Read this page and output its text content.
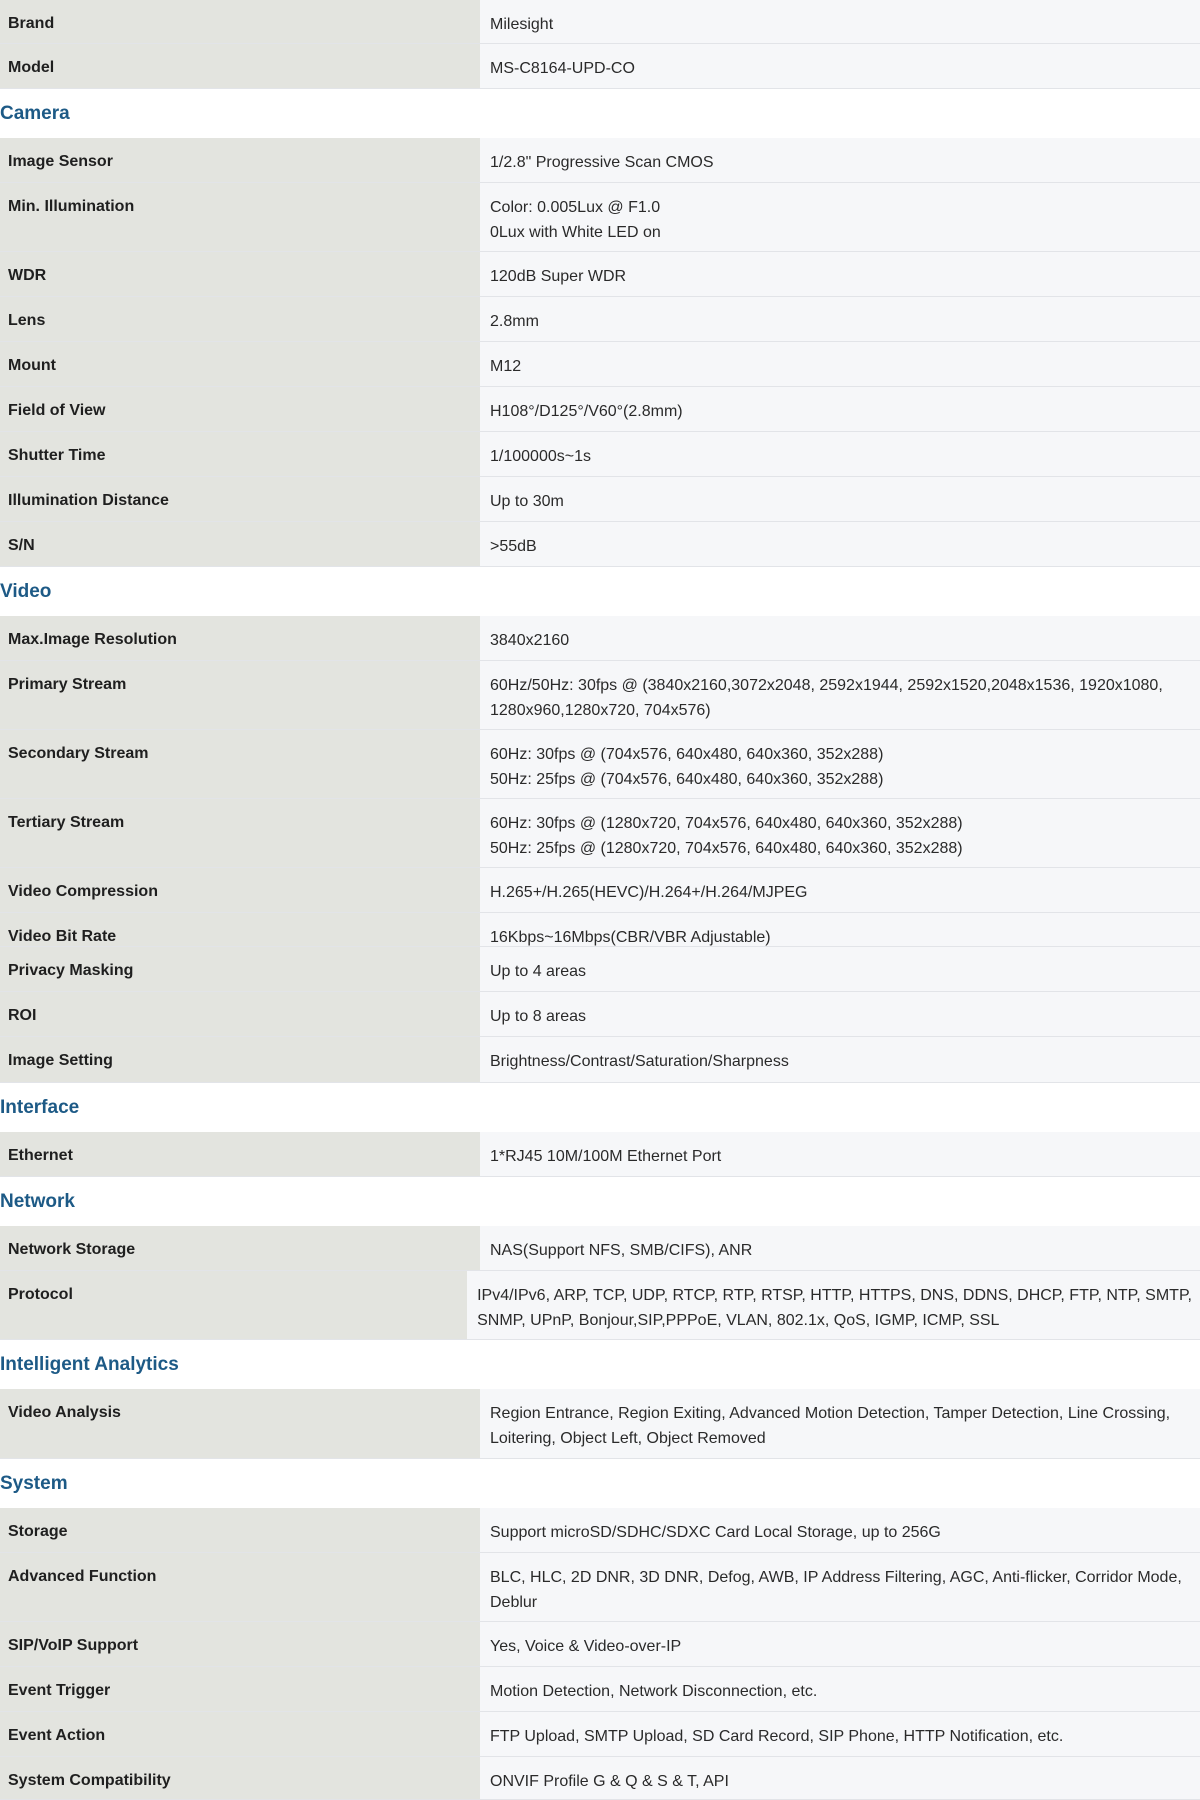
Brand	Milesight
Model	MS-C8164-UPD-CO
Camera
Image Sensor	1/2.8" Progressive Scan CMOS
Min. Illumination	Color: 0.005Lux @ F1.0
0Lux with White LED on
WDR	120dB Super WDR
Lens	2.8mm
Mount	M12
Field of View	H108°/D125°/V60°(2.8mm)
Shutter Time	1/100000s~1s
Illumination Distance	Up to 30m
S/N	>55dB
Video
Max.Image Resolution	3840x2160
Primary Stream	60Hz/50Hz: 30fps @ (3840x2160,3072x2048, 2592x1944, 2592x1520,2048x1536, 1920x1080,
1280x960,1280x720, 704x576)
Secondary Stream	60Hz: 30fps @ (704x576, 640x480, 640x360, 352x288)
50Hz: 25fps @ (704x576, 640x480, 640x360, 352x288)
Tertiary Stream	60Hz: 30fps @ (1280x720, 704x576, 640x480, 640x360, 352x288)
50Hz: 25fps @ (1280x720, 704x576, 640x480, 640x360, 352x288)
Video Compression	H.265+/H.265(HEVC)/H.264+/H.264/MJPEG
Video Bit Rate	16Kbps~16Mbps(CBR/VBR Adjustable)
Privacy Masking	Up to 4 areas
ROI	Up to 8 areas
Image Setting	Brightness/Contrast/Saturation/Sharpness
Interface
Ethernet	1*RJ45 10M/100M Ethernet Port
Network
Network Storage	NAS(Support NFS, SMB/CIFS), ANR
Protocol	IPv4/IPv6, ARP, TCP, UDP, RTCP, RTP, RTSP, HTTP, HTTPS, DNS, DDNS, DHCP, FTP, NTP, SMTP,
SNMP, UPnP, Bonjour,SIP,PPPoE, VLAN, 802.1x, QoS, IGMP, ICMP, SSL
Intelligent Analytics
Video Analysis	Region Entrance, Region Exiting, Advanced Motion Detection, Tamper Detection, Line Crossing,
Loitering, Object Left, Object Removed
System
Storage	Support microSD/SDHC/SDXC Card Local Storage, up to 256G
Advanced Function	BLC, HLC, 2D DNR, 3D DNR, Defog, AWB, IP Address Filtering, AGC, Anti-flicker, Corridor Mode,
Deblur
SIP/VoIP Support	Yes, Voice & Video-over-IP
Event Trigger	Motion Detection, Network Disconnection, etc.
Event Action	FTP Upload, SMTP Upload, SD Card Record, SIP Phone, HTTP Notification, etc.
System Compatibility	ONVIF Profile G & Q & S & T, API
